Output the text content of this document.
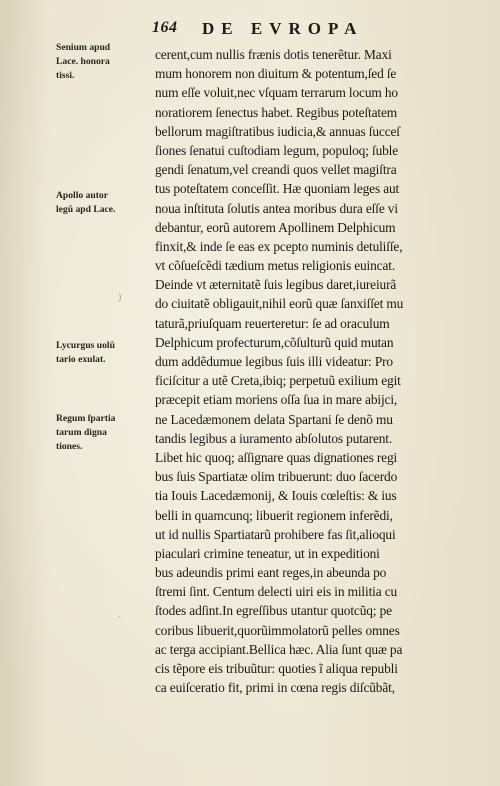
164 DE EVROPA
Senium apud
Lace. honora
tissi.
Apollo autor
legũ apd Lace.
Lycurgus uolũ
tario exulat.
Regum ſpartia
tarum digna
tiones.
)
·
cerent,cum nullis frænis dotis tenerẽtur. Maxi
mum honorem non diuitum & potentum,ſed ſe
num eſſe voluit,nec vſquam terrarum locum ho
noratiorem ſenectus habet. Regibus poteſtatem
bellorum magiſtratibus iudicia,& annuas ſucceſ
ſiones ſenatui cuſtodiam legum, populoq; ſuble
gendi ſenatum,vel creandi quos vellet magiſtra
tus poteſtatem conceſſit. Hæ quoniam leges aut
noua inſtituta ſolutis antea moribus dura eſſe vi
debantur, eorũ autorem Apollinem Delphicum
finxit,& inde ſe eas ex pcepto numinis detuliſſe,
vt cõſueſcẽdi tædium metus religionis euincat.
Deinde vt æternitatẽ ſuis legibus daret,iureiurã
do ciuitatẽ obligauit,nihil eorũ quæ ſanxiſſet mu
taturã,priuſquam reuerteretur: ſe ad oraculum
Delphicum profecturum,cõſulturũ quid mutan
dum addẽdumue legibus ſuis illi videatur: Pro
ficiſcitur a utẽ Creta,ibiq; perpetuũ exilium egit
præcepit etiam moriens oſſa ſua in mare abijci,
ne Lacedæmonem delata Spartani ſe denõ mu
tandis legibus a iuramento abſolutos putarent.
Libet hic quoq; aſſignare quas dignationes regi
bus ſuis Spartiatæ olim tribuerunt: duo ſacerdo
tia Iouis Lacedæmonij, & Iouis cœleſtis: & ius
belli in quamcunq; libuerit regionem inferẽdi,
ut id nullis Spartiatarũ prohibere fas ſit,alioqui
piaculari crimine teneatur, ut in expeditioni
bus adeundis primi eant reges,in abeunda po
ſtremi ſint. Centum delecti uiri eis in militia cu
ſtodes adſint.In egreſſibus utantur quotcũq; pe
coribus libuerit,quorũimmolatorũ pelles omnes
ac terga accipiant.Bellica hæc. Alia ſunt quæ pa
cis tẽpore eis tribuũtur: quoties ĩ aliqua republi
ca euiſceratio fit, primi in cœna regis diſcũbãt,
